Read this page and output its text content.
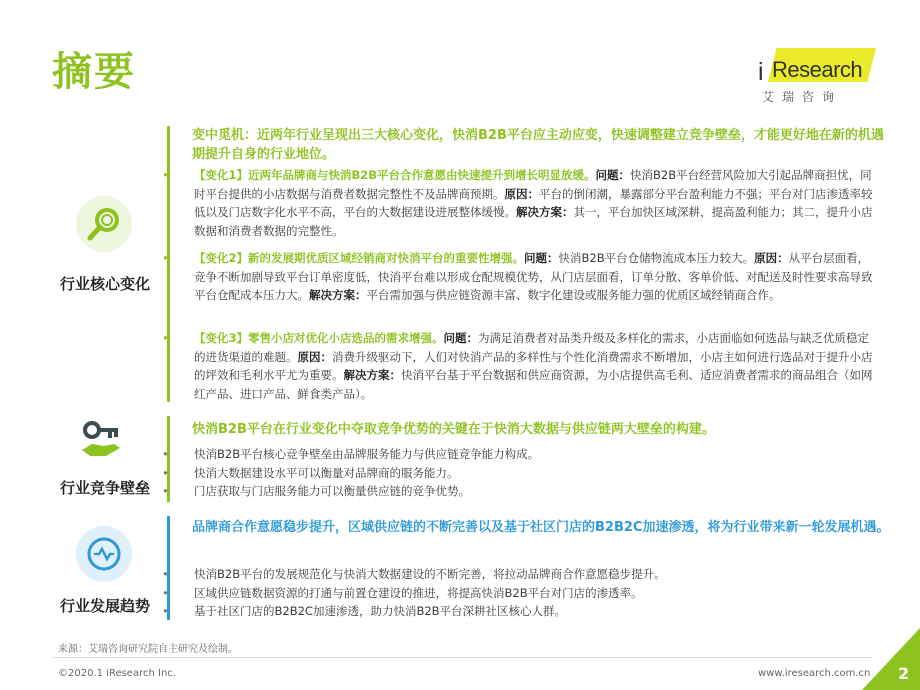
摘要	i Research
艾瑞咨询
行业核心变化
变中觅机：近两年行业呈现出三大核心变化，快消B2B平台应主动应变，快速调整建立竞争壁垒，才能更好地在新的机遇期提升自身的行业地位。

• 【变化1】近两年品牌商与快消B2B平台合作意愿由快速提升到增长明显放缓。问题：快消B2B平台经营风险加大引起品牌商担忧，同时平台提供的小店数据与消费者数据完整性不及品牌商预期。原因：平台的倒闭潮，暴露部分平台盈利能力不强；平台对门店渗透率较低以及门店数字化水平不高，平台的大数据建设进展整体缓慢。解决方案：其一，平台加快区域深耕，提高盈利能力；其二，提升小店数据和消费者数据的完整性。

• 【变化2】新的发展期优质区域经销商对快消平台的重要性增强。问题：快消B2B平台仓储物流成本压力较大。原因：从平台层面看，竞争不断加剧导致平台订单密度低，快消平台难以形成仓配规模优势，从门店层面看，订单分散、客单价低、对配送及时性要求高导致平台仓配成本压力大。解决方案：平台需加强与供应链资源丰富、数字化建设或服务能力强的优质区域经销商合作。

• 【变化3】零售小店对优化小店选品的需求增强。问题：为满足消费者对品类升级及多样化的需求，小店面临如何选品与缺乏优质稳定的进货渠道的难题。原因：消费升级驱动下，人们对快消产品的多样性与个性化消费需求不断增加，小店主如何进行选品对于提升小店的坪效和毛利水平尤为重要。解决方案：快消平台基于平台数据和供应商资源，为小店提供高毛利、适应消费者需求的商品组合（如网红产品、进口产品、鲜食类产品）。

行业竞争壁垒
快消B2B平台在行业变化中夺取竞争优势的关键在于快消大数据与供应链两大壁垒的构建。

• 快消B2B平台核心竞争壁垒由品牌服务能力与供应链竞争能力构成。

• 快消大数据建设水平可以衡量对品牌商的服务能力。

• 门店获取与门店服务能力可以衡量供应链的竞争优势。

行业发展趋势
品牌商合作意愿稳步提升，区域供应链的不断完善以及基于社区门店的B2B2C加速渗透，将为行业带来新一轮发展机遇。

• 快消B2B平台的发展规范化与快消大数据建设的不断完善，将拉动品牌商合作意愿稳步提升。

• 区域供应链数据资源的打通与前置仓建设的推进，将提高快消B2B平台对门店的渗透率。

• 基于社区门店的B2B2C加速渗透，助力快消B2B平台深耕社区核心人群。

来源：艾瑞咨询研究院自主研究及绘制。
©2020.1 iResearch Inc.	www.iresearch.com.cn 2
